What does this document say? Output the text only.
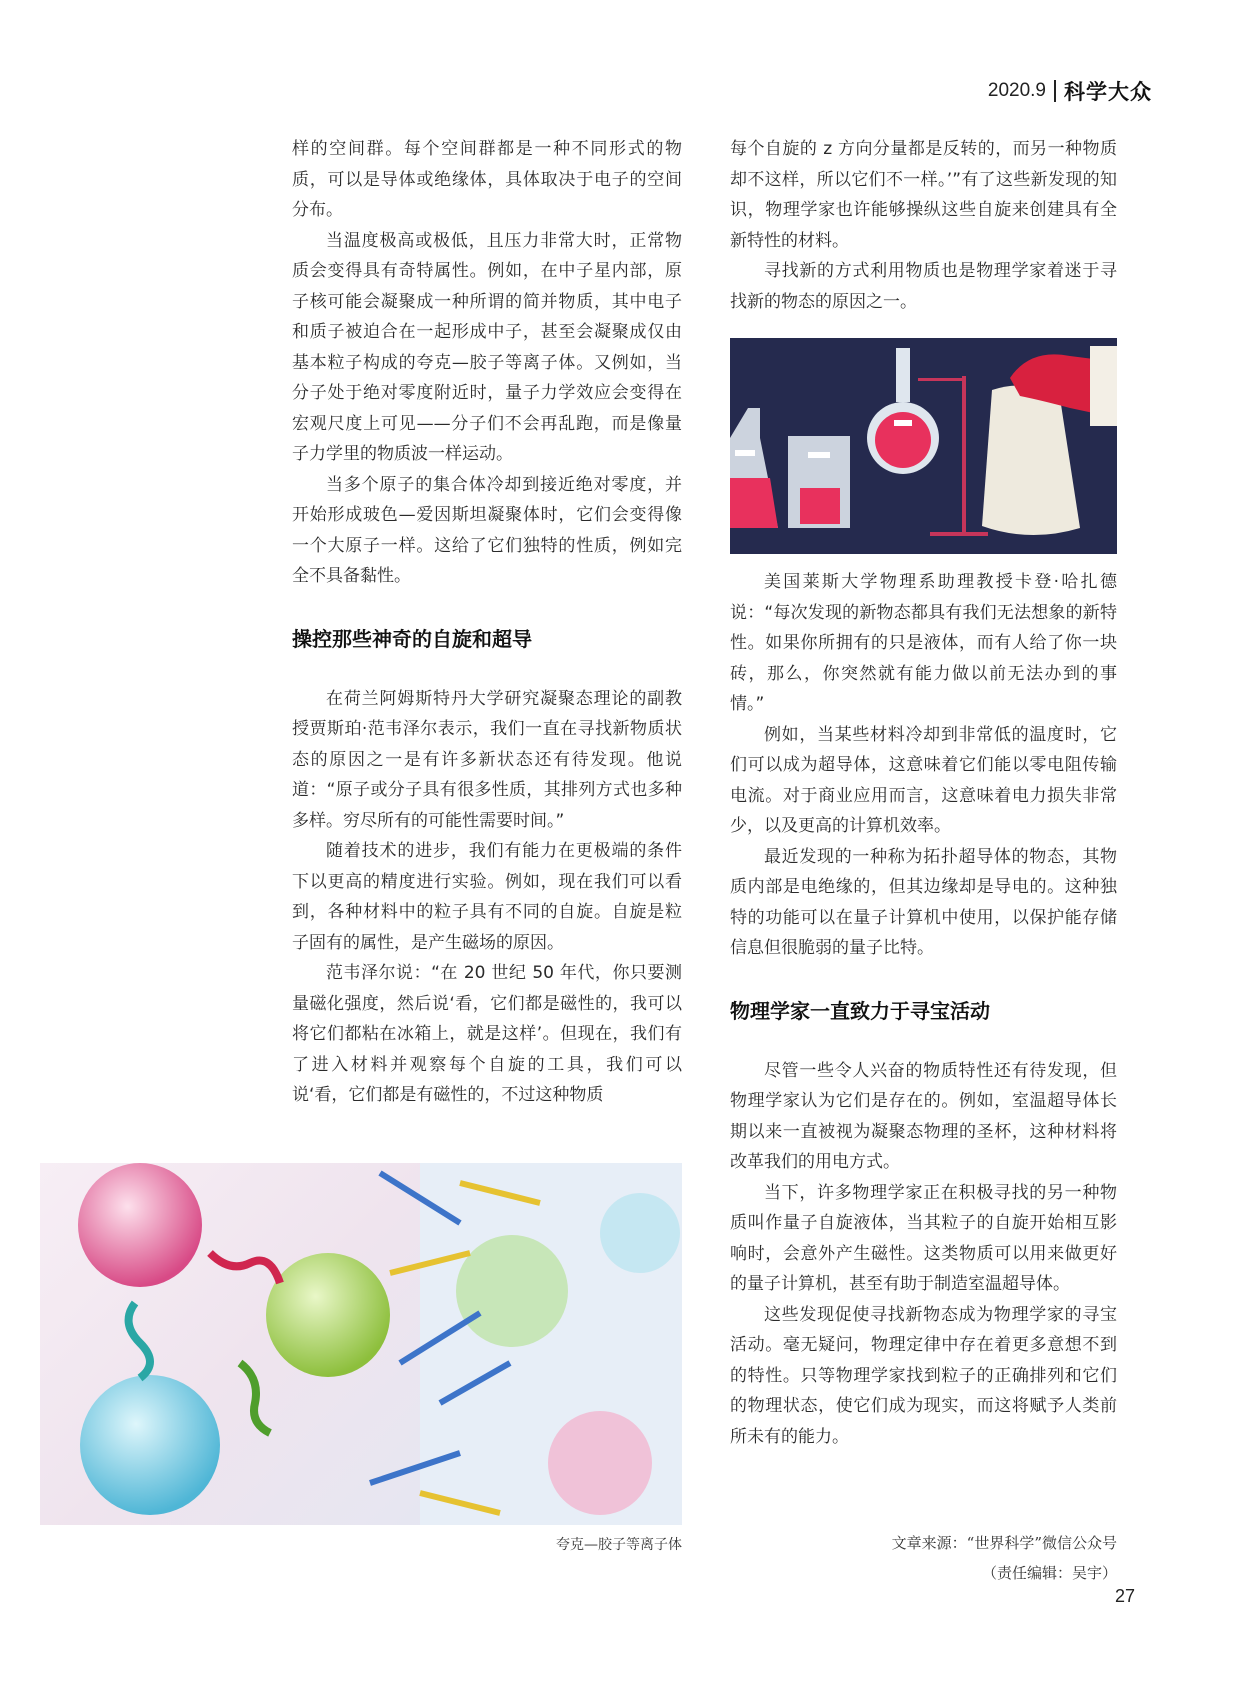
2020.9 科学大众

样的空间群。每个空间群都是一种不同形式的物质，可以是导体或绝缘体，具体取决于电子的空间分布。

当温度极高或极低，且压力非常大时，正常物质会变得具有奇特属性。例如，在中子星内部，原子核可能会凝聚成一种所谓的简并物质，其中电子和质子被迫合在一起形成中子，甚至会凝聚成仅由基本粒子构成的夸克—胶子等离子体。又例如，当分子处于绝对零度附近时，量子力学效应会变得在宏观尺度上可见——分子们不会再乱跑，而是像量子力学里的物质波一样运动。

当多个原子的集合体冷却到接近绝对零度，并开始形成玻色—爱因斯坦凝聚体时，它们会变得像一个大原子一样。这给了它们独特的性质，例如完全不具备黏性。

操控那些神奇的自旋和超导

在荷兰阿姆斯特丹大学研究凝聚态理论的副教授贾斯珀·范韦泽尔表示，我们一直在寻找新物质状态的原因之一是有许多新状态还有待发现。他说道：“原子或分子具有很多性质，其排列方式也多种多样。穷尽所有的可能性需要时间。”

随着技术的进步，我们有能力在更极端的条件下以更高的精度进行实验。例如，现在我们可以看到，各种材料中的粒子具有不同的自旋。自旋是粒子固有的属性，是产生磁场的原因。

范韦泽尔说：“在 20 世纪 50 年代，你只要测量磁化强度，然后说‘看，它们都是磁性的，我可以将它们都粘在冰箱上，就是这样’。但现在，我们有了进入材料并观察每个自旋的工具，我们可以说‘看，它们都是有磁性的，不过这种物质

每个自旋的 z 方向分量都是反转的，而另一种物质却不这样，所以它们不一样。’”有了这些新发现的知识，物理学家也许能够操纵这些自旋来创建具有全新特性的材料。

寻找新的方式利用物质也是物理学家着迷于寻找新的物态的原因之一。

美国莱斯大学物理系助理教授卡登·哈扎德说：“每次发现的新物态都具有我们无法想象的新特性。如果你所拥有的只是液体，而有人给了你一块砖，那么，你突然就有能力做以前无法办到的事情。”

例如，当某些材料冷却到非常低的温度时，它们可以成为超导体，这意味着它们能以零电阻传输电流。对于商业应用而言，这意味着电力损失非常少，以及更高的计算机效率。

最近发现的一种称为拓扑超导体的物态，其物质内部是电绝缘的，但其边缘却是导电的。这种独特的功能可以在量子计算机中使用，以保护能存储信息但很脆弱的量子比特。

物理学家一直致力于寻宝活动

尽管一些令人兴奋的物质特性还有待发现，但物理学家认为它们是存在的。例如，室温超导体长期以来一直被视为凝聚态物理的圣杯，这种材料将改革我们的用电方式。

当下，许多物理学家正在积极寻找的另一种物质叫作量子自旋液体，当其粒子的自旋开始相互影响时，会意外产生磁性。这类物质可以用来做更好的量子计算机，甚至有助于制造室温超导体。

这些发现促使寻找新物态成为物理学家的寻宝活动。毫无疑问，物理定律中存在着更多意想不到的特性。只等物理学家找到粒子的正确排列和它们的物理状态，使它们成为现实，而这将赋予人类前所未有的能力。

夸克—胶子等离子体	文章来源：“世界科学”微信公众号
（责任编辑：吴宇）
27
